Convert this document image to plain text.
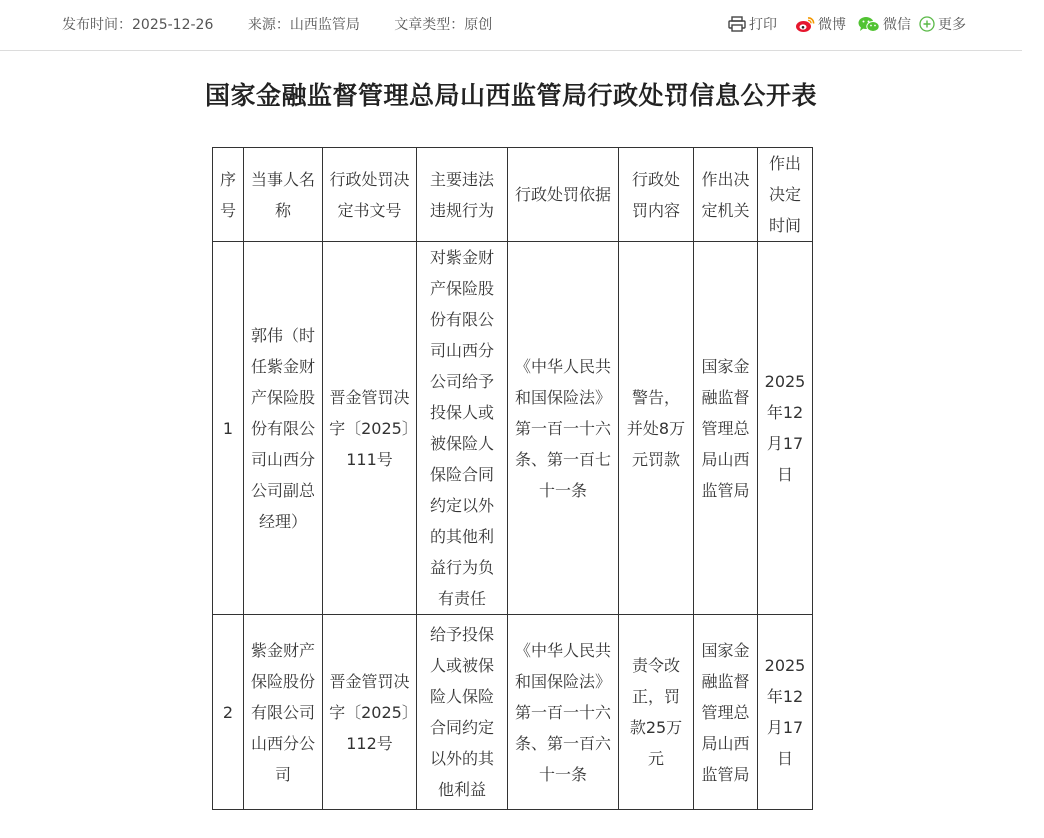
发布时间：2025-12-26 来源：山西监管局 文章类型：原创	打印	微博	微信 更多
国家金融监督管理总局山西监管局行政处罚信息公开表
序号	当事人名称	行政处罚决定书文号	主要违法违规行为	行政处罚依据	行政处罚内容	作出决定机关	作出决定时间
1	郭伟（时任紫金财产保险股份有限公司山西分公司副总经理）	晋金管罚决字〔2025〕111号	对紫金财产保险股份有限公司山西分公司给予投保人或被保险人保险合同约定以外的其他利益行为负有责任	《中华人民共和国保险法》第一百一十六条、第一百七十一条	警告，并处8万元罚款	国家金融监督管理总局山西监管局	2025年12月17日
2	紫金财产保险股份有限公司山西分公司	晋金管罚决字〔2025〕112号	给予投保人或被保险人保险合同约定以外的其他利益	《中华人民共和国保险法》第一百一十六条、第一百六十一条	责令改正，罚款25万元	国家金融监督管理总局山西监管局	2025年12月17日
